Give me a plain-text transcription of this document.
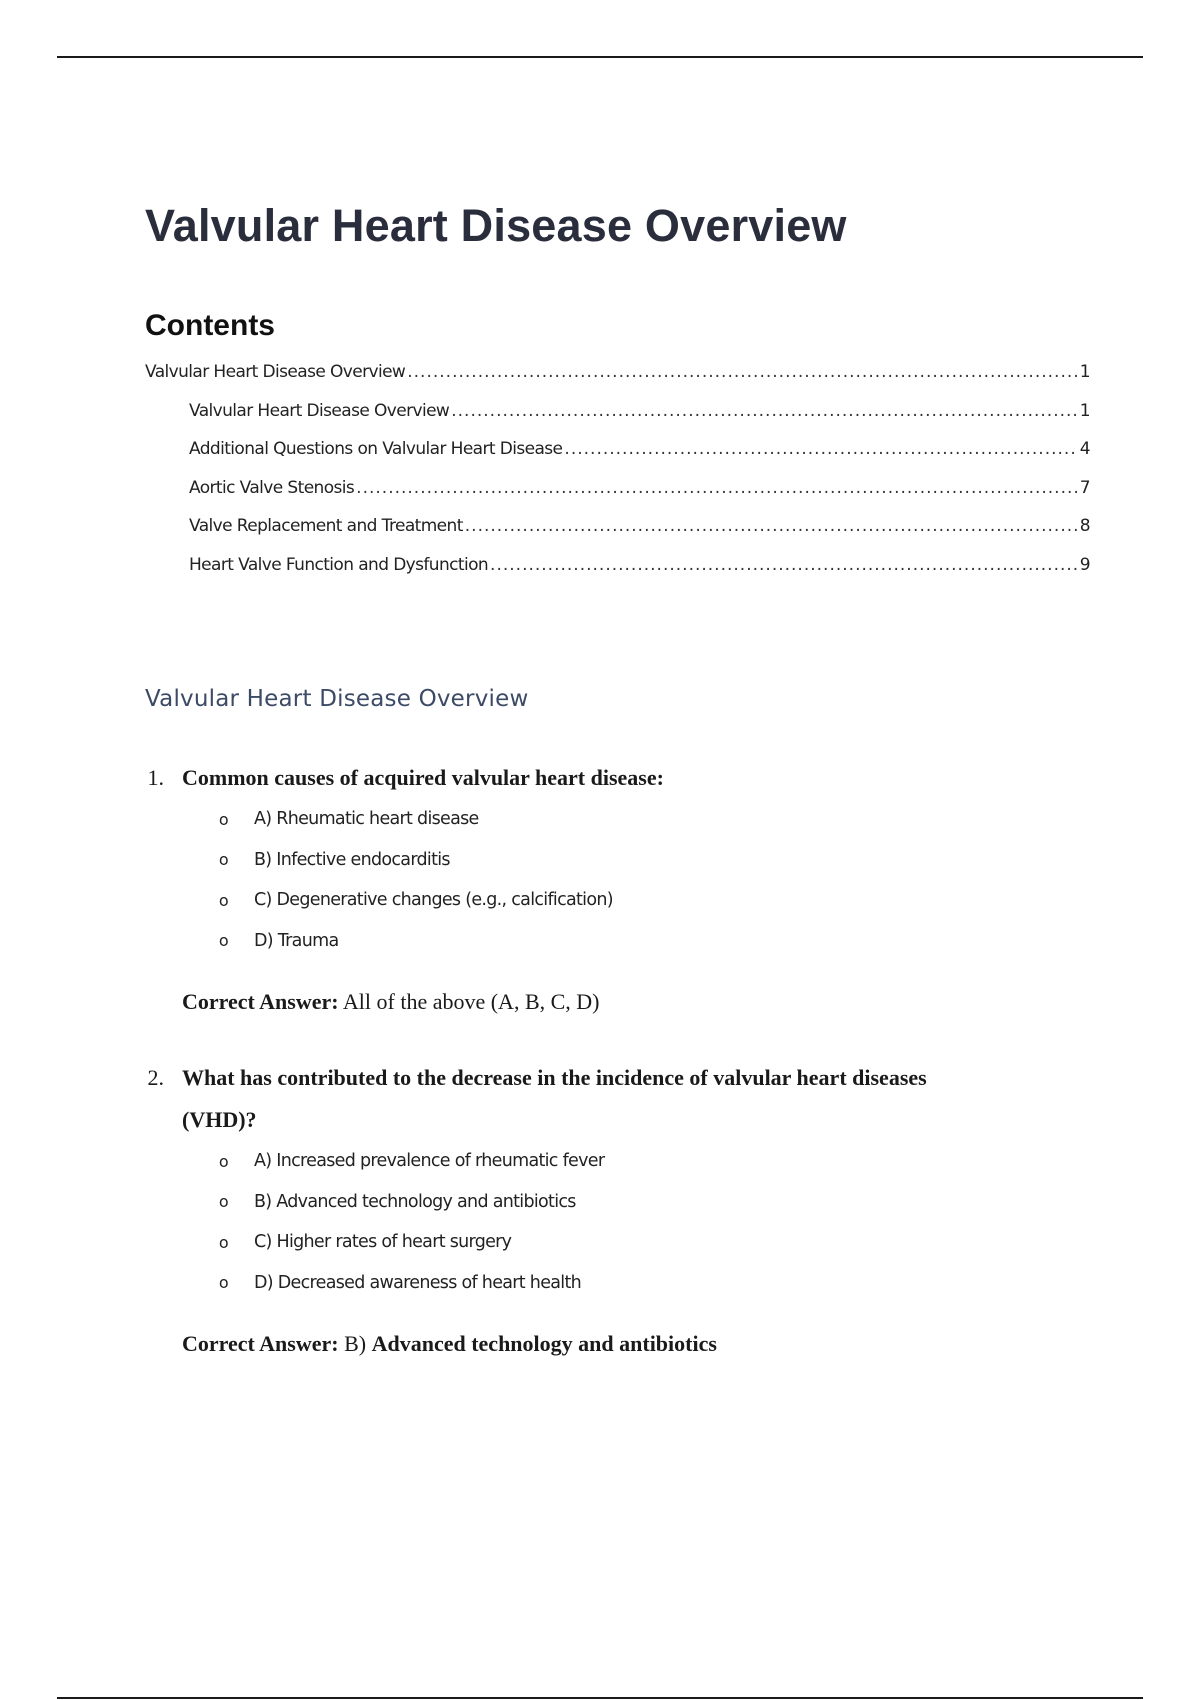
Valvular Heart Disease Overview
Contents
Valvular Heart Disease Overview .....	1
Valvular Heart Disease Overview .....	1
Additional Questions on Valvular Heart Disease .....	4
Aortic Valve Stenosis .....	7
Valve Replacement and Treatment .....	8
Heart Valve Function and Dysfunction .....	9
Valvular Heart Disease Overview
1. Common causes of acquired valvular heart disease:
o	A) Rheumatic heart disease
o	B) Infective endocarditis
o	C) Degenerative changes (e.g., calcification)
o	D) Trauma
Correct Answer: All of the above (A, B, C, D)
2. What has contributed to the decrease in the incidence of valvular heart diseases (VHD)?
o	A) Increased prevalence of rheumatic fever
o	B) Advanced technology and antibiotics
o	C) Higher rates of heart surgery
o	D) Decreased awareness of heart health
Correct Answer: B) Advanced technology and antibiotics
